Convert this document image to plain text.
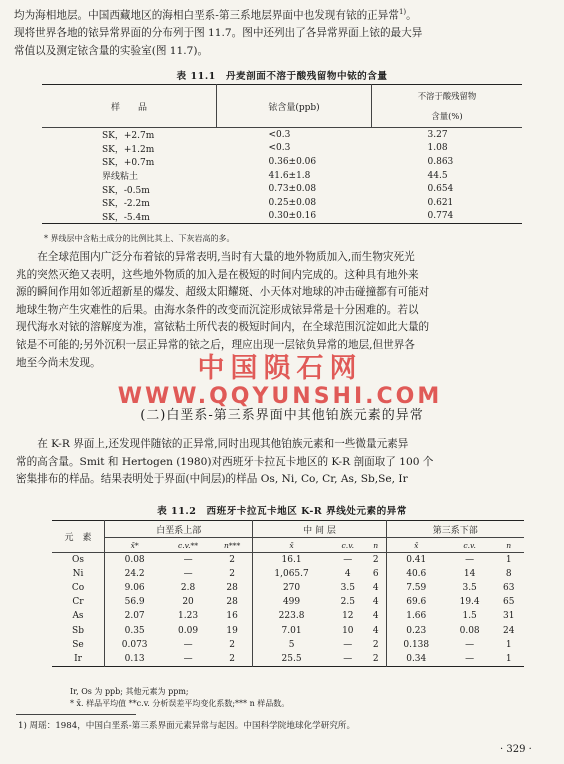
均为海相地层。中国西藏地区的海相白垩系-第三系地层界面中也发现有铱的正异常$^{1)}$。

现将世界各地的铱异常界面的分布列于图 11.7。图中还列出了各异常界面上铱的最大异

常值以及测定铱含量的实验室(图 11.7)。

表 11.1　丹麦剖面不溶于酸残留物中铱的含量
样　　品	铱含量(ppb)	不溶于酸残留物
含量(%)

SK，+2.7m	<0.3	3.27
SK，+1.2m	<0.3	1.08
SK，+0.7m	0.36±0.06	0.863
界线粘土	41.6±1.8	44.5
SK，-0.5m	0.73±0.08	0.654
SK，-2.2m	0.25±0.08	0.621
SK，-5.4m	0.30±0.16	0.774
* 界线层中含粘土成分的比例比其上、下灰岩高的多。

在全球范围内广泛分布着铱的异常表明,当时有大量的地外物质加入,而生物灾死光

兆的突然灭绝又表明，这些地外物质的加入是在极短的时间内完成的。这种具有地外来

源的瞬间作用如邻近超新星的爆发、超级太阳耀斑、小天体对地球的冲击碰撞都有可能对

地球生物产生灾难性的后果。由海水条件的改变而沉淀形成铱异常是十分困难的。若以

现代海水对铱的溶解度为准，富铱粘土所代表的极短时间内，在全球范围沉淀如此大量的

铱是不可能的;另外沉积一层正异常的铱之后，理应出现一层铱负异常的地层,但世界各

地至今尚未发现。	中国陨石网
WWW.QQYUNSHI.COM
(二)白垩系-第三系界面中其他铂族元素的异常

在 K-R 界面上,还发现伴随铱的正异常,同时出现其他铂族元素和一些微量元素异

常的高含量。Smit 和 Hertogen (1980)对西班牙卡拉瓦卡地区的 K-R 剖面取了 100 个

密集排布的样品。结果表明处于界面(中间层)的样品 Os, Ni, Co, Cr, As, Sb,Se, Ir

表 11.2　西班牙卡拉瓦卡地区 K-R 界线处元素的异常
元　素	白垩系上部			中 间 层			第三系下部		
	x̄*	c.v.**	n***	x̄	c.v.	n	x̄	c.v.	n
Os	0.08	—	2	16.1	—	2	0.41	—	1
Ni	24.2	—	2	1,065.7	4	6	40.6	14	8
Co	9.06	2.8	28	270	3.5	4	7.59	3.5	63
Cr	56.9	20	28	499	2.5	4	69.6	19.4	65
As	2.07	1.23	16	223.8	12	4	1.66	1.5	31
Sb	0.35	0.09	19	7.01	10	4	0.23	0.08	24
Se	0.073	—	2	5	—	2	0.138	—	1
Ir	0.13	—	2	25.5	—	2	0.34	—	1
Ir, Os 为 ppb; 其他元素为 ppm;
* x̄. 样品平均值 **c.v. 分析误差平均变化系数;*** n 样品数。
1) 周瑶：1984，中国白垩系-第三系界面元素异常与起因。中国科学院地球化学研究所。
· 329 ·
